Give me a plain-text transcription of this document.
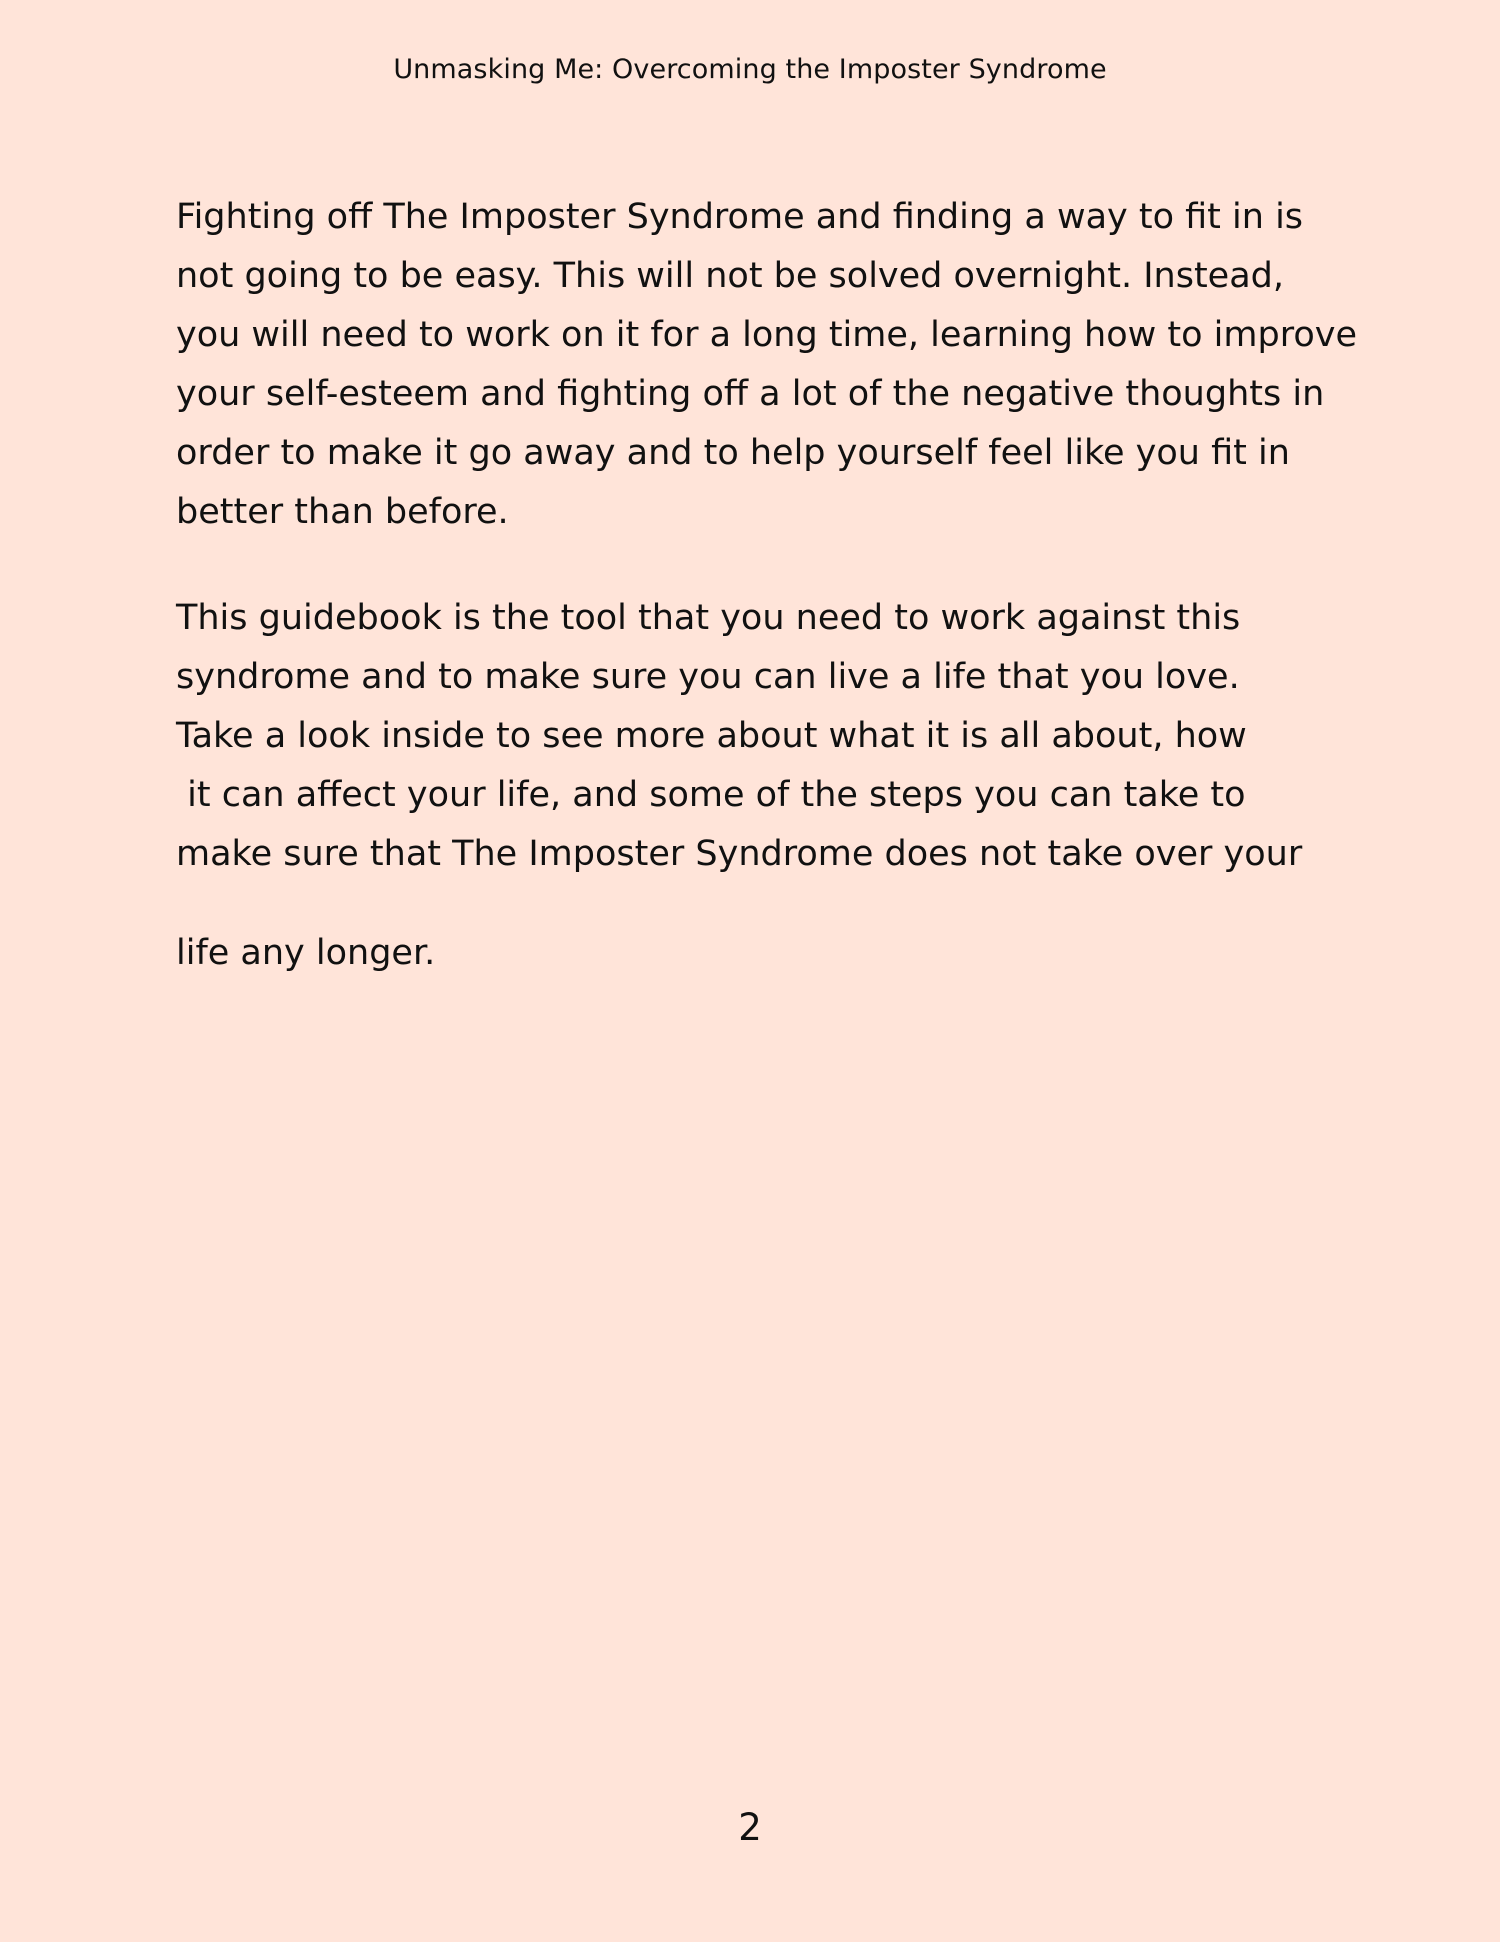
Unmasking Me: Overcoming the Imposter Syndrome
Fighting off The Imposter Syndrome and finding a way to fit in is
not going to be easy. This will not be solved overnight. Instead,
you will need to work on it for a long time, learning how to improve
your self-esteem and fighting off a lot of the negative thoughts in
order to make it go away and to help yourself feel like you fit in
better than before.
This guidebook is the tool that you need to work against this
syndrome and to make sure you can live a life that you love.
Take a look inside to see more about what it is all about, how
it can affect your life, and some of the steps you can take to
make sure that The Imposter Syndrome does not take over your
life any longer.
2
